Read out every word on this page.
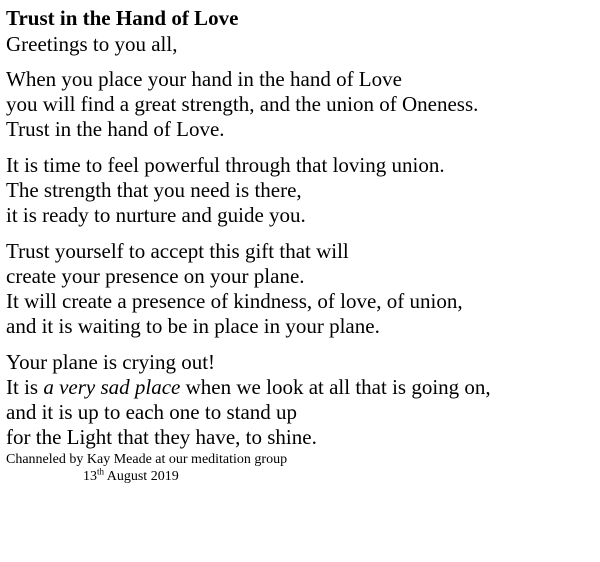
Trust in the Hand of Love

Greetings to you all,

When you place your hand in the hand of Love
you will find a great strength, and the union of Oneness.
Trust in the hand of Love.
It is time to feel powerful through that loving union.
The strength that you need is there,
it is ready to nurture and guide you.
Trust yourself to accept this gift that will
create your presence on your plane.
It will create a presence of kindness, of love, of union,
and it is waiting to be in place in your plane.
Your plane is crying out!
It is a very sad place when we look at all that is going on,
and it is up to each one to stand up
for the Light that they have, to shine.

Channeled by Kay Meade at our meditation group

13th August 2019
